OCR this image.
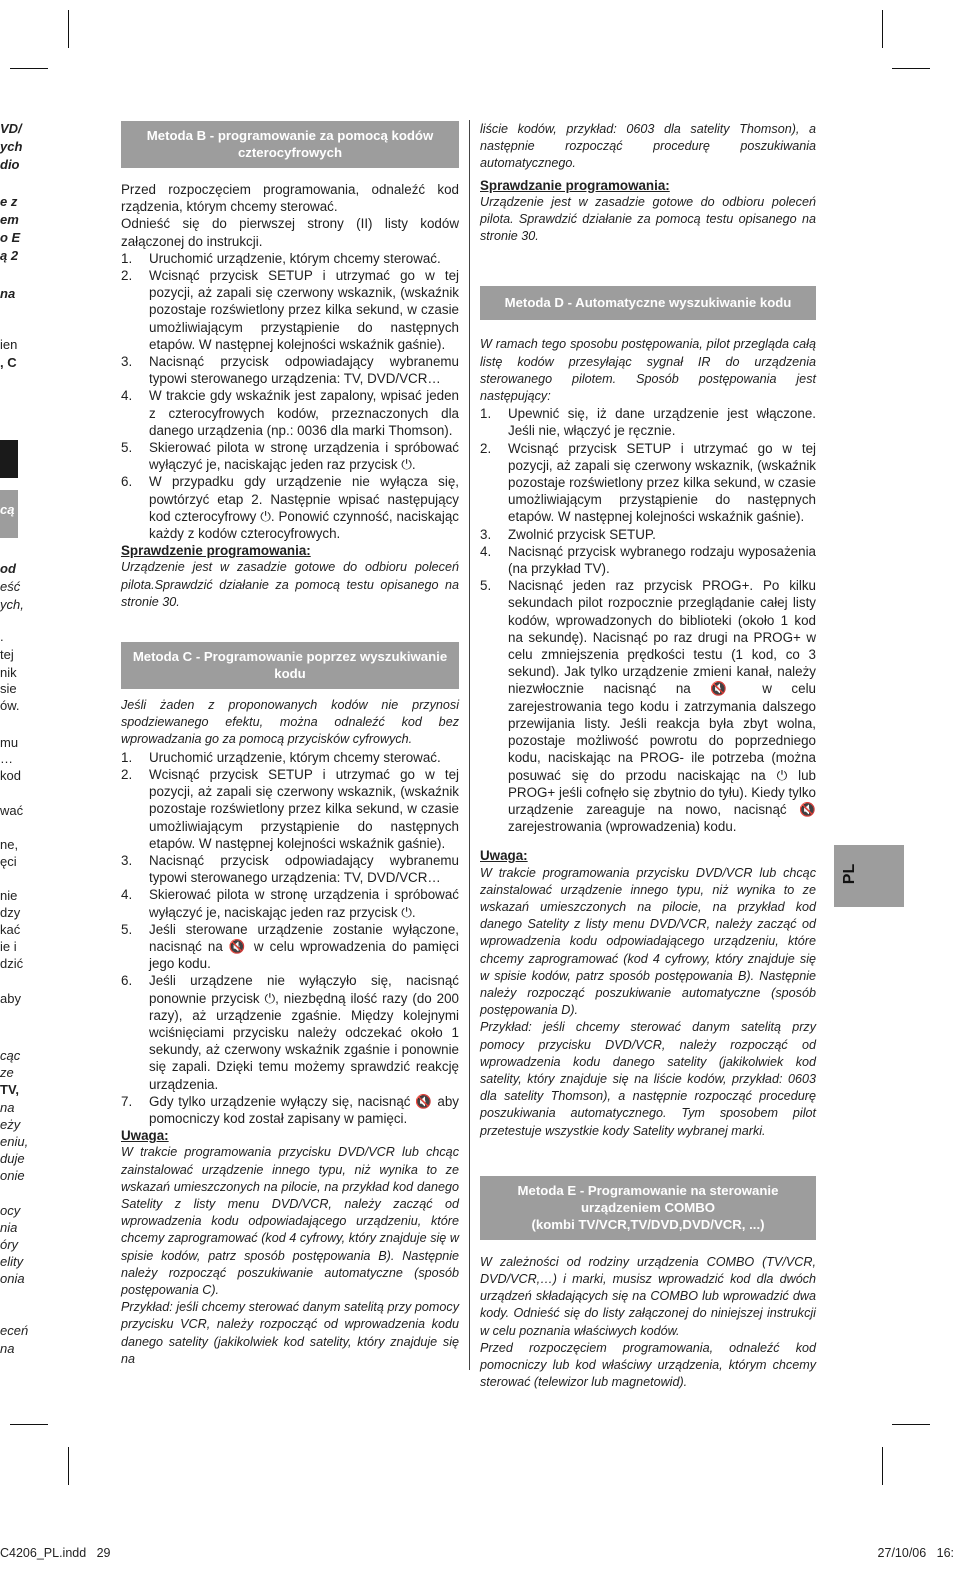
VD/
ych
dio
e z
em
o E
ą 2
na
ien
, C
cą
od
eść
ych,
.
tej
nik
sie
ów.
mu
…
kod
wać
ne,
ęci
nie
dzy
kać
ie i
dzić
aby
cąc
ze
TV,
na
eży
eniu,
duje
onie
ocy
nia
óry
elity
onia
eceń
na
Metoda B - programowanie za pomocą kodów czterocyfrowych

Przed rozpoczęciem programowania, odnaleźć kod rządzenia, którym chcemy sterować.

Odnieść się do pierwszej strony (II) listy kodów załączonej do instrukcji.

1. Uruchomić urządzenie, którym chcemy sterować.
2. Wcisnąć przycisk SETUP i utrzymać go w tej pozycji, aż zapali się czerwony wskaznik, (wskaźnik pozostaje rozświetlony przez kilka sekund, w czasie umożliwiającym przystąpienie do następnych etapów. W następnej kolejności wskaźnik gaśnie).
3. Nacisnąć przycisk odpowiadający wybranemu typowi sterowanego urządzenia: TV, DVD/VCR…
4. W trakcie gdy wskaźnik jest zapalony, wpisać jeden z czterocyfrowych kodów, przeznaczonych dla danego urządzenia (np.: 0036 dla marki Thomson).
5. Skierować pilota w stronę urządzenia i spróbować wyłączyć je, naciskając jeden raz przycisk ⏻.
6. W przypadku gdy urządzenie nie wyłącza się, powtórzyć etap 2. Następnie wpisać następujący kod czterocyfrowy ⏻. Ponowić czynność, naciskając każdy z kodów czterocyfrowych.

Sprawdzenie programowania:

Urządzenie jest w zasadzie gotowe do odbioru poleceń pilota.Sprawdzić działanie za pomocą testu opisanego na stronie 30.

Metoda C - Programowanie poprzez wyszukiwanie kodu

Jeśli żaden z proponowanych kodów nie przynosi spodziewanego efektu, można odnaleźć kod bez wprowadzania go za pomocą przycisków cyfrowych.

1. Uruchomić urządzenie, którym chcemy sterować.
2. Wcisnąć przycisk SETUP i utrzymać go w tej pozycji, aż zapali się czerwony wskaznik, (wskaźnik pozostaje rozświetlony przez kilka sekund, w czasie umożliwiającym przystąpienie do następnych etapów. W następnej kolejności wskaźnik gaśnie).
3. Nacisnąć przycisk odpowiadający wybranemu typowi sterowanego urządzenia: TV, DVD/VCR…
4. Skierować pilota w stronę urządzenia i spróbować wyłączyć je, naciskając jeden raz przycisk ⏻.
5. Jeśli sterowane urządzenie zostanie wyłączone, nacisnąć na 🔇 w celu wprowadzenia do pamięci jego kodu.
6. Jeśli urządzene nie wyłączyło się, nacisnąć ponownie przycisk ⏻, niezbędną ilość razy (do 200 razy), aż urządzenie zgaśnie. Między kolejnymi wciśnięciami przycisku należy odczekać około 1 sekundy, aż czerwony wskaźnik zgaśnie i ponownie się zapali. Dzięki temu możemy sprawdzić reakcję urządzenia.
7. Gdy tylko urządzenie wyłączy się, nacisnąć 🔇 aby pomocniczy kod został zapisany w pamięci.

Uwaga:

W trakcie programowania przycisku DVD/VCR lub chcąc zainstalować urządzenie innego typu, niż wynika to ze wskazań umieszczonych na pilocie, na przykład kod danego Satelity z listy menu DVD/VCR, należy zacząć od wprowadzenia kodu odpowiadającego urządzeniu, które chcemy zaprogramować (kod 4 cyfrowy, który znajduje się w spisie kodów, patrz sposób postępowania B). Następnie należy rozpocząć poszukiwanie automatyczne (sposób postępowania C).

Przykład: jeśli chcemy sterować danym satelitą przy pomocy przycisku VCR, należy rozpocząć od wprowadzenia kodu danego satelity (jakikolwiek kod satelity, który znajduje się na

liście kodów, przykład: 0603 dla satelity Thomson), a następnie rozpocząć procedurę poszukiwania automatycznego.

Sprawdzanie programowania:

Urządzenie jest w zasadzie gotowe do odbioru poleceń pilota. Sprawdzić działanie za pomocą testu opisanego na stronie 30.

Metoda D - Automatyczne wyszukiwanie kodu

W ramach tego sposobu postępowania, pilot przegląda całą listę kodów przesyłając sygnał IR do urządzenia sterowanego pilotem. Sposób postępowania jest następujący:

1. Upewnić się, iż dane urządzenie jest włączone. Jeśli nie, włączyć je ręcznie.
2. Wcisnąć przycisk SETUP i utrzymać go w tej pozycji, aż zapali się czerwony wskaznik, (wskaźnik pozostaje rozświetlony przez kilka sekund, w czasie umożliwiającym przystąpienie do następnych etapów. W następnej kolejności wskaźnik gaśnie).
3. Zwolnić przycisk SETUP.
4. Nacisnąć przycisk wybranego rodzaju wyposażenia (na przykład TV).
5. Nacisnąć jeden raz przycisk PROG+. Po kilku sekundach pilot rozpocznie przeglądanie całej listy kodów, wprowadzonych do biblioteki (około 1 kod na sekundę). Nacisnąć po raz drugi na PROG+ w celu zmniejszenia prędkości testu (1 kod, co 3 sekund). Jak tylko urządzenie zmieni kanał, należy niezwłocznie nacisnąć na 🔇 w celu zarejestrowania tego kodu i zatrzymania dalszego przewijania listy. Jeśli reakcja była zbyt wolna, pozostaje możliwość powrotu do poprzedniego kodu, naciskając na PROG- ile potrzeba (można posuwać się do przodu naciskając na ⏻ lub PROG+ jeśli cofnęło się zbytnio do tyłu). Kiedy tylko urządzenie zareaguje na nowo, nacisnąć 🔇 zarejestrowania (wprowadzenia) kodu.

Uwaga:

W trakcie programowania przycisku DVD/VCR lub chcąc zainstalować urządzenie innego typu, niż wynika to ze wskazań umieszczonych na pilocie, na przykład kod danego Satelity z listy menu DVD/VCR, należy zacząć od wprowadzenia kodu odpowiadającego urządzeniu, które chcemy zaprogramować (kod 4 cyfrowy, który znajduje się w spisie kodów, patrz sposób postępowania B). Następnie należy rozpocząć poszukiwanie automatyczne (sposób postępowania D).

Przykład: jeśli chcemy sterować danym satelitą przy pomocy przycisku DVD/VCR, należy rozpocząć od wprowadzenia kodu danego satelity (jakikolwiek kod satelity, który znajduje się na liście kodów, przykład: 0603 dla satelity Thomson), a następnie rozpocząć procedurę poszukiwania automatycznego. Tym sposobem pilot przetestuje wszystkie kody Satelity wybranej marki.

Metoda E - Programowanie na sterowanie
urządzeniem COMBO
(kombi TV/VCR,TV/DVD,DVD/VCR, ...)

W zależności od rodziny urządzenia COMBO (TV/VCR, DVD/VCR,…) i marki, musisz wprowadzić kod dla dwóch urządzeń składających się na COMBO lub wprowadzić dwa kody. Odnieść się do listy załączonej do niniejszej instrukcji w celu poznania właściwych kodów.

Przed rozpoczęciem programowania, odnaleźć kod pomocniczy lub kod właściwy urządzenia, którym chcemy sterować (telewizor lub magnetowid).

PL
C4206_PL.indd   29	27/10/06   16:
